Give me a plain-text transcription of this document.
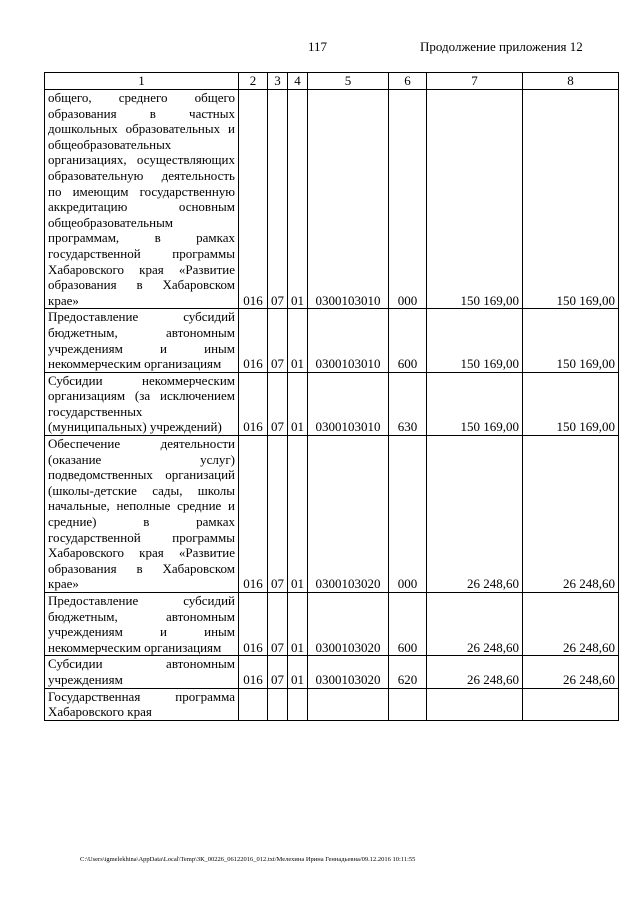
117	Продолжение приложения 12
1	2	3	4	5	6	7	8
общего, среднего общего образования в частных дошкольных образовательных и общеобразовательных организациях, осуществляющих образовательную деятельность по имеющим государственную аккредитацию основным общеобразовательным программам, в рамках государственной программы Хабаровского края «Развитие образования в Хабаровском крае»	016	07	01	0300103010	000	150 169,00	150 169,00
Предоставление субсидий бюджетным, автономным учреждениям и иным некоммерческим организациям	016	07	01	0300103010	600	150 169,00	150 169,00
Субсидии некоммерческим организациям (за исключением государственных (муниципальных) учреждений)	016	07	01	0300103010	630	150 169,00	150 169,00
Обеспечение деятельности (оказание услуг) подведомственных организаций (школы-детские сады, школы начальные, неполные средние и средние) в рамках государственной программы Хабаровского края «Развитие образования в Хабаровском крае»	016	07	01	0300103020	000	26 248,60	26 248,60
Предоставление субсидий бюджетным, автономным учреждениям и иным некоммерческим организациям	016	07	01	0300103020	600	26 248,60	26 248,60
Субсидии автономным учреждениям	016	07	01	0300103020	620	26 248,60	26 248,60
Государственная программа Хабаровского края							
C:\Users\igmelekhina\AppData\Local\Temp\ЗК_00226_06122016_012.txt/Мелехина Ирина Геннадьевна/09.12.2016 10:11:55
